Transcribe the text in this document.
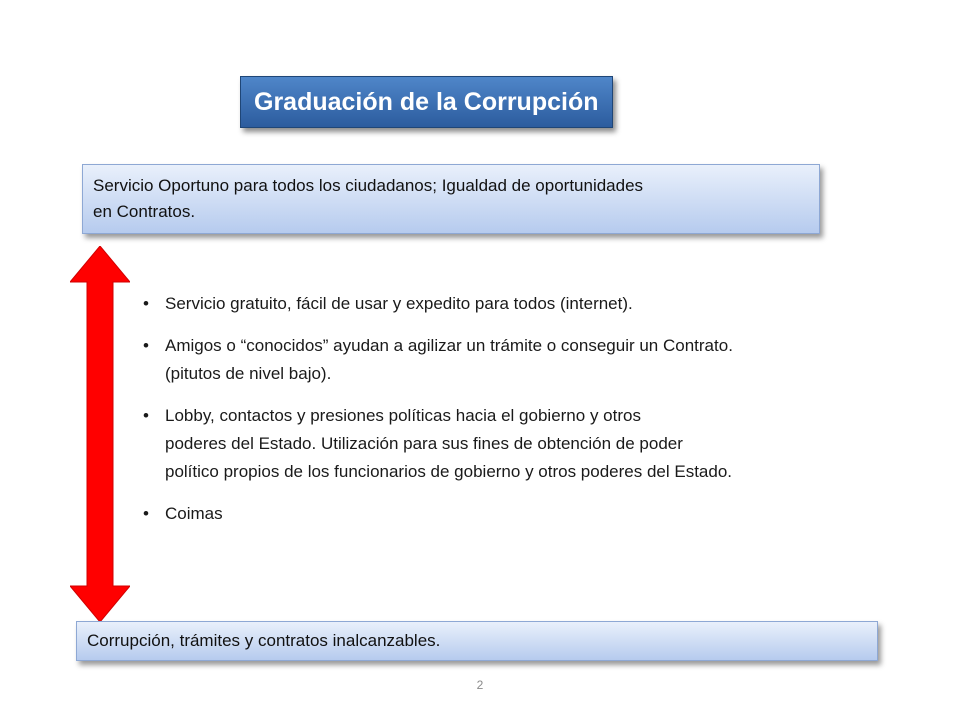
Graduación de la Corrupción
Servicio Oportuno para todos los ciudadanos; Igualdad de oportunidades
en Contratos.
• Servicio gratuito, fácil de usar y expedito para todos (internet).
• Amigos o “conocidos” ayudan a agilizar un trámite o conseguir un Contrato.
(pitutos de nivel bajo).
• Lobby, contactos y presiones políticas hacia el gobierno y otros
poderes del Estado. Utilización para sus fines de obtención de poder
político propios de los funcionarios de gobierno y otros poderes del Estado.
• Coimas
Corrupción, trámites y contratos inalcanzables.
2
